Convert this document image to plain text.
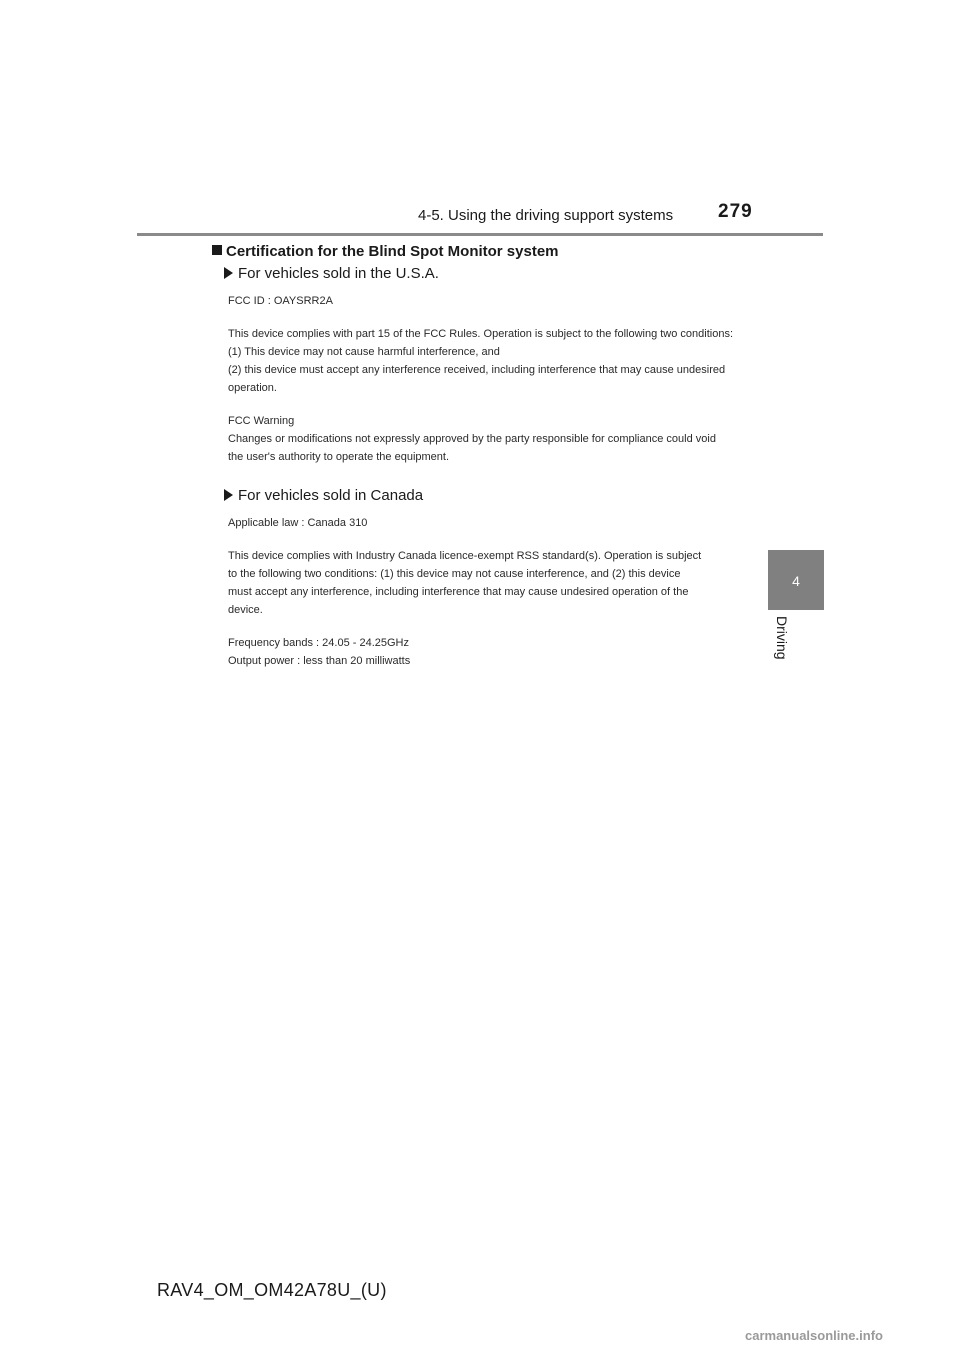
4-5. Using the driving support systems 279
4
Driving
Certification for the Blind Spot Monitor system
For vehicles sold in the U.S.A.

FCC ID : OAYSRR2A

This device complies with part 15 of the FCC Rules. Operation is subject to the following two conditions:

(1) This device may not cause harmful interference, and

(2) this device must accept any interference received, including interference that may cause undesired

operation.

FCC Warning

Changes or modifications not expressly approved by the party responsible for compliance could void

the user's authority to operate the equipment.

For vehicles sold in Canada

Applicable law : Canada 310

This device complies with Industry Canada licence-exempt RSS standard(s). Operation is subject

to the following two conditions: (1) this device may not cause interference, and (2) this device

must accept any interference, including interference that may cause undesired operation of the

device.

Frequency bands : 24.05 - 24.25GHz

Output power : less than 20 milliwatts

RAV4_OM_OM42A78U_(U)
carmanualsonline.info
